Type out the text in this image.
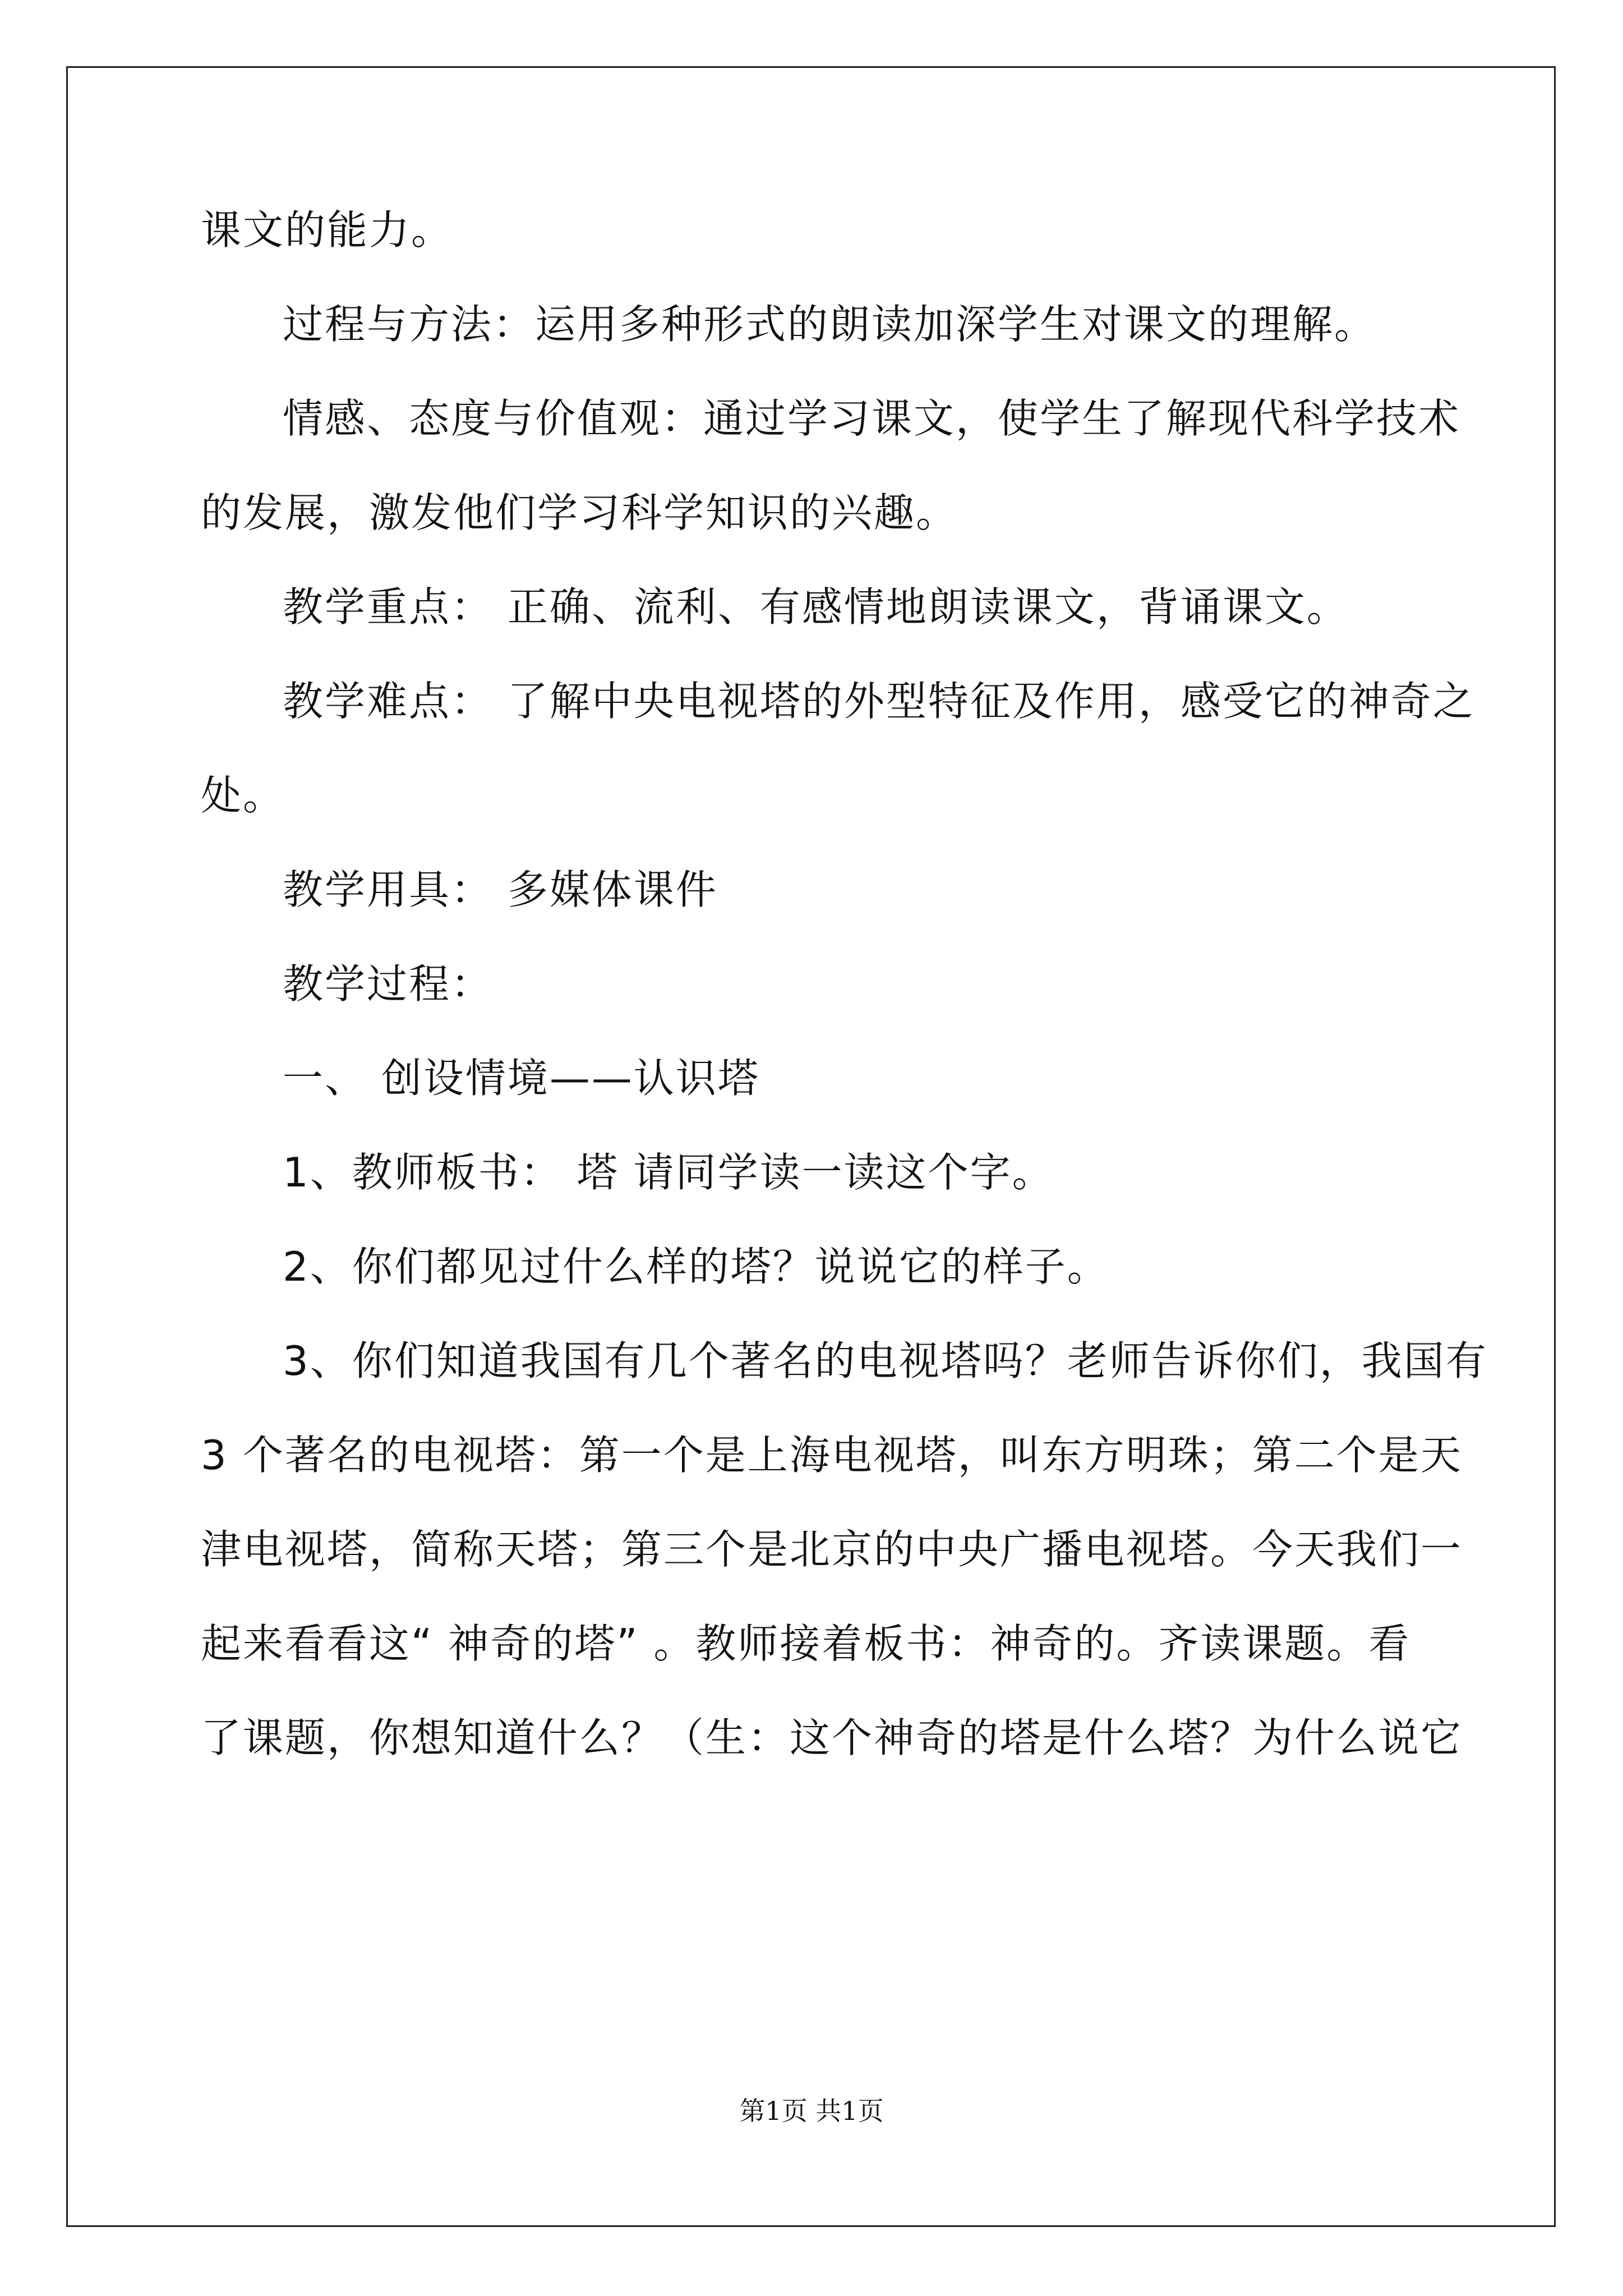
课文的能力。
过程与方法：运用多种形式的朗读加深学生对课文的理解。
情感、态度与价值观：通过学习课文，使学生了解现代科学技术
的发展，激发他们学习科学知识的兴趣。
教学重点： 正确、流利、有感情地朗读课文，背诵课文。
教学难点： 了解中央电视塔的外型特征及作用，感受它的神奇之
处。
教学用具： 多媒体课件
教学过程：
一、 创设情境——认识塔
1、教师板书： 塔 请同学读一读这个字。
2、你们都见过什么样的塔？说说它的样子。
3、你们知道我国有几个著名的电视塔吗？老师告诉你们，我国有
3 个著名的电视塔：第一个是上海电视塔，叫东方明珠；第二个是天
津电视塔，简称天塔；第三个是北京的中央广播电视塔。今天我们一
起来看看这“ 神奇的塔” 。教师接着板书：神奇的。齐读课题。看
了课题，你想知道什么？（生：这个神奇的塔是什么塔？为什么说它
第1页 共1页
